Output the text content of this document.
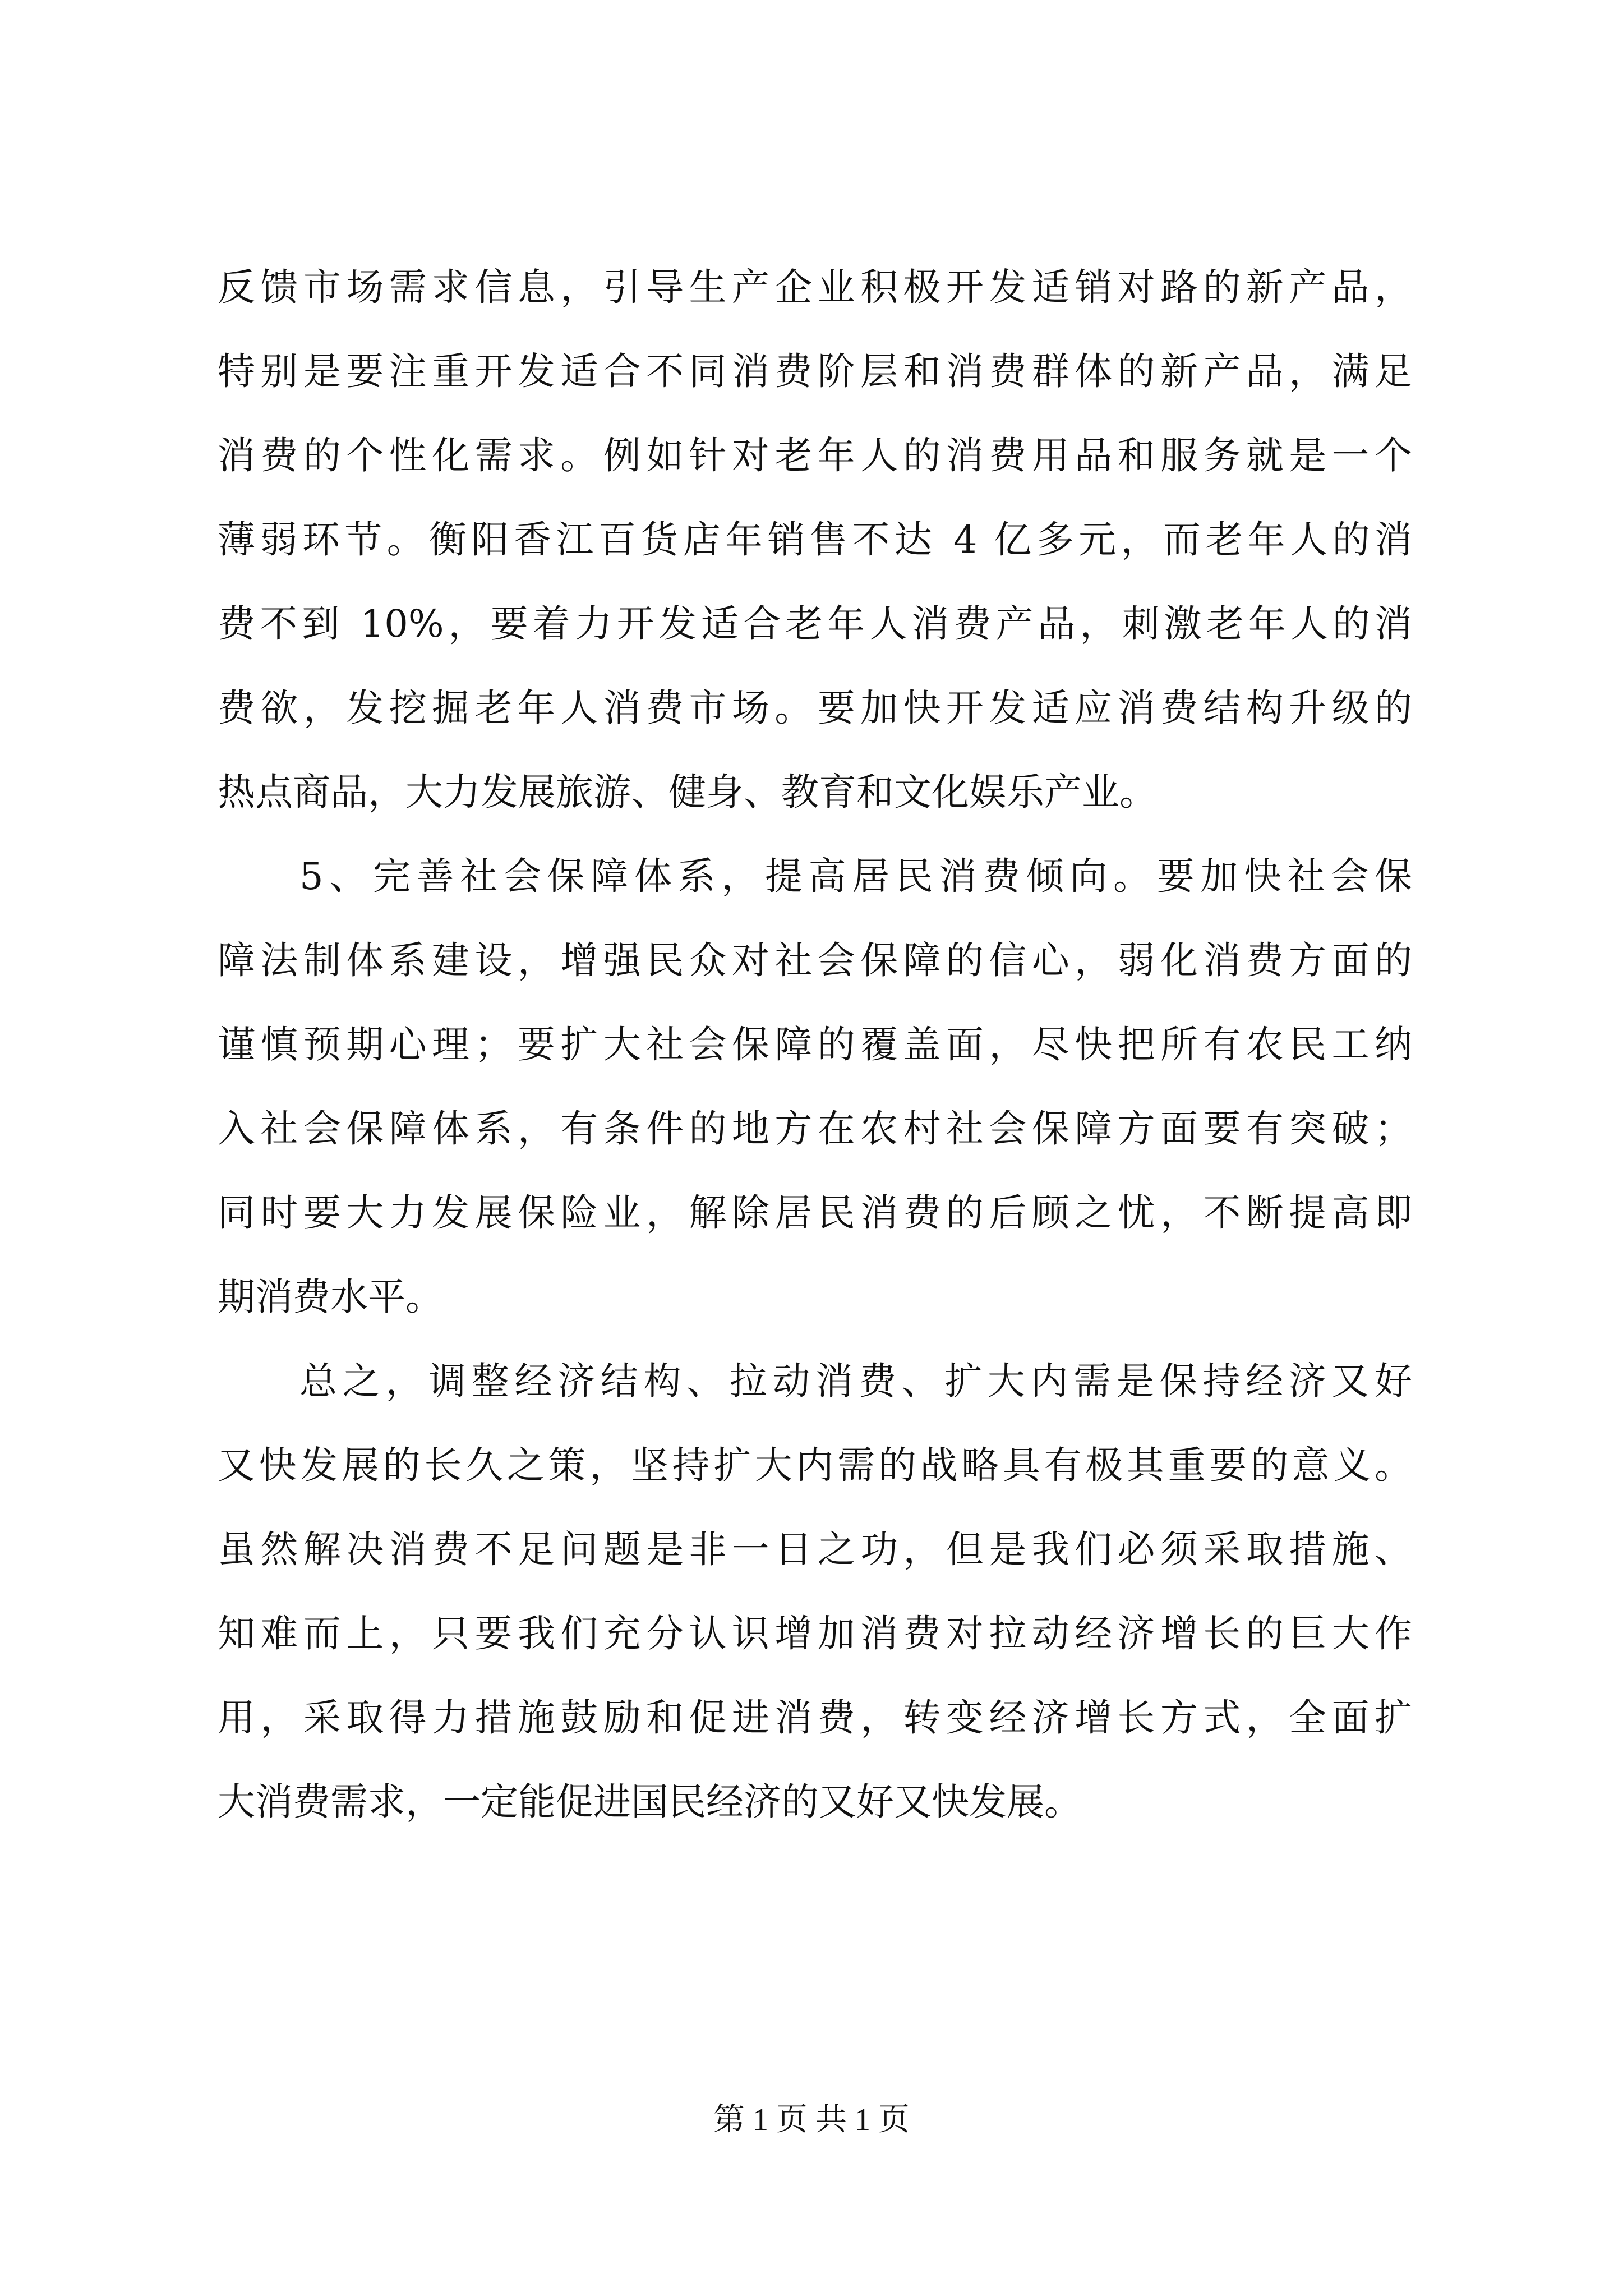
反馈市场需求信息，引导生产企业积极开发适销对路的新产品，
特别是要注重开发适合不同消费阶层和消费群体的新产品，满足
消费的个性化需求。例如针对老年人的消费用品和服务就是一个
薄弱环节。衡阳香江百货店年销售不达 4 亿多元，而老年人的消
费不到 10%，要着力开发适合老年人消费产品，刺激老年人的消
费欲，发挖掘老年人消费市场。要加快开发适应消费结构升级的
热点商品，大力发展旅游、健身、教育和文化娱乐产业。
5、完善社会保障体系，提高居民消费倾向。要加快社会保
障法制体系建设，增强民众对社会保障的信心，弱化消费方面的
谨慎预期心理；要扩大社会保障的覆盖面，尽快把所有农民工纳
入社会保障体系，有条件的地方在农村社会保障方面要有突破；
同时要大力发展保险业，解除居民消费的后顾之忧，不断提高即
期消费水平。
总之，调整经济结构、拉动消费、扩大内需是保持经济又好
又快发展的长久之策，坚持扩大内需的战略具有极其重要的意义。
虽然解决消费不足问题是非一日之功，但是我们必须采取措施、
知难而上，只要我们充分认识增加消费对拉动经济增长的巨大作
用，采取得力措施鼓励和促进消费，转变经济增长方式，全面扩
大消费需求，一定能促进国民经济的又好又快发展。
第 1 页 共 1 页
